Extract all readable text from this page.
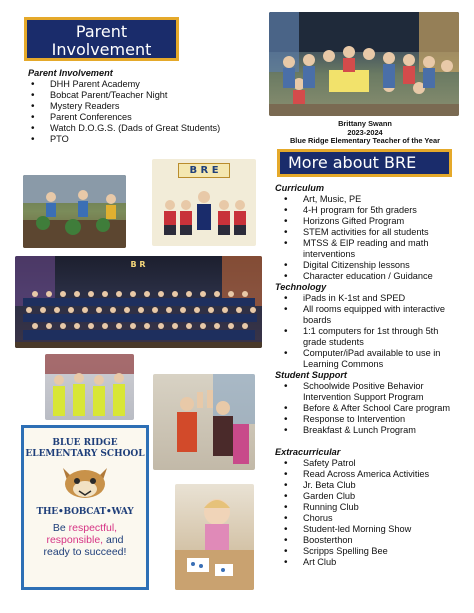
Parent Involvement
More about BRE
Parent Involvement
• DHH Parent Academy
• Bobcat Parent/Teacher Night
• Mystery Readers
• Parent Conferences
• Watch D.O.G.S. (Dads of Great Students)
• PTO
Brittany Swann
2023-2024
Blue Ridge Elementary Teacher of the Year
Curriculum
• Art, Music, PE
• 4-H program for 5th graders
• Horizons Gifted Program
• STEM activities for all students
• MTSS & EIP reading and math interventions
• Digital Citizenship lessons
• Character education / Guidance
Technology
• iPads in K-1st and SPED
• All rooms equipped with interactive boards
• 1:1 computers for 1st through 5th grade students
• Computer/iPad available to use in Learning Commons
Student Support
• Schoolwide Positive Behavior Intervention Support Program
• Before & After School Care program
• Response to Intervention
• Breakfast & Lunch Program
Extracurricular
• Safety Patrol
• Read Across America Activities
• Jr. Beta Club
• Garden Club
• Running Club
• Chorus
• Student-led Morning Show
• Boosterthon
• Scripps Spelling Bee
• Art Club
B R E
B R
BLUE RIDGE
ELEMENTARY SCHOOL
THE•BOBCAT•WAY
Be respectful,
responsible, and
ready to succeed!
